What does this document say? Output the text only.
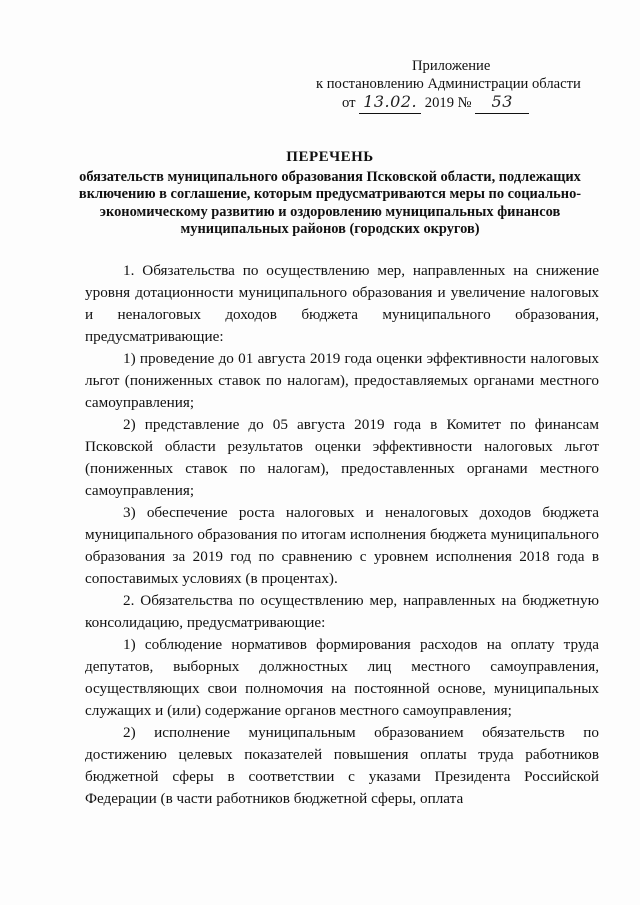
Приложение
к постановлению Администрации области
от 13.02. 2019 № 53
ПЕРЕЧЕНЬ
обязательств муниципального образования Псковской области, подлежащих включению в соглашение, которым предусматриваются меры по социально-экономическому развитию и оздоровлению муниципальных финансов муниципальных районов (городских округов)

1. Обязательства по осуществлению мер, направленных на снижение уровня дотационности муниципального образования и увеличение налоговых и неналоговых доходов бюджета муниципального образования, предусматривающие:

1) проведение до 01 августа 2019 года оценки эффективности налоговых льгот (пониженных ставок по налогам), предоставляемых органами местного самоуправления;

2) представление до 05 августа 2019 года в Комитет по финансам Псковской области результатов оценки эффективности налоговых льгот (пониженных ставок по налогам), предоставленных органами местного самоуправления;

3) обеспечение роста налоговых и неналоговых доходов бюджета муниципального образования по итогам исполнения бюджета муниципального образования за 2019 год по сравнению с уровнем исполнения 2018 года в сопоставимых условиях (в процентах).

2. Обязательства по осуществлению мер, направленных на бюджетную консолидацию, предусматривающие:

1) соблюдение нормативов формирования расходов на оплату труда депутатов, выборных должностных лиц местного самоуправления, осуществляющих свои полномочия на постоянной основе, муниципальных служащих и (или) содержание органов местного самоуправления;

2) исполнение муниципальным образованием обязательств по достижению целевых показателей повышения оплаты труда работников бюджетной сферы в соответствии с указами Президента Российской Федерации (в части работников бюджетной сферы, оплата
